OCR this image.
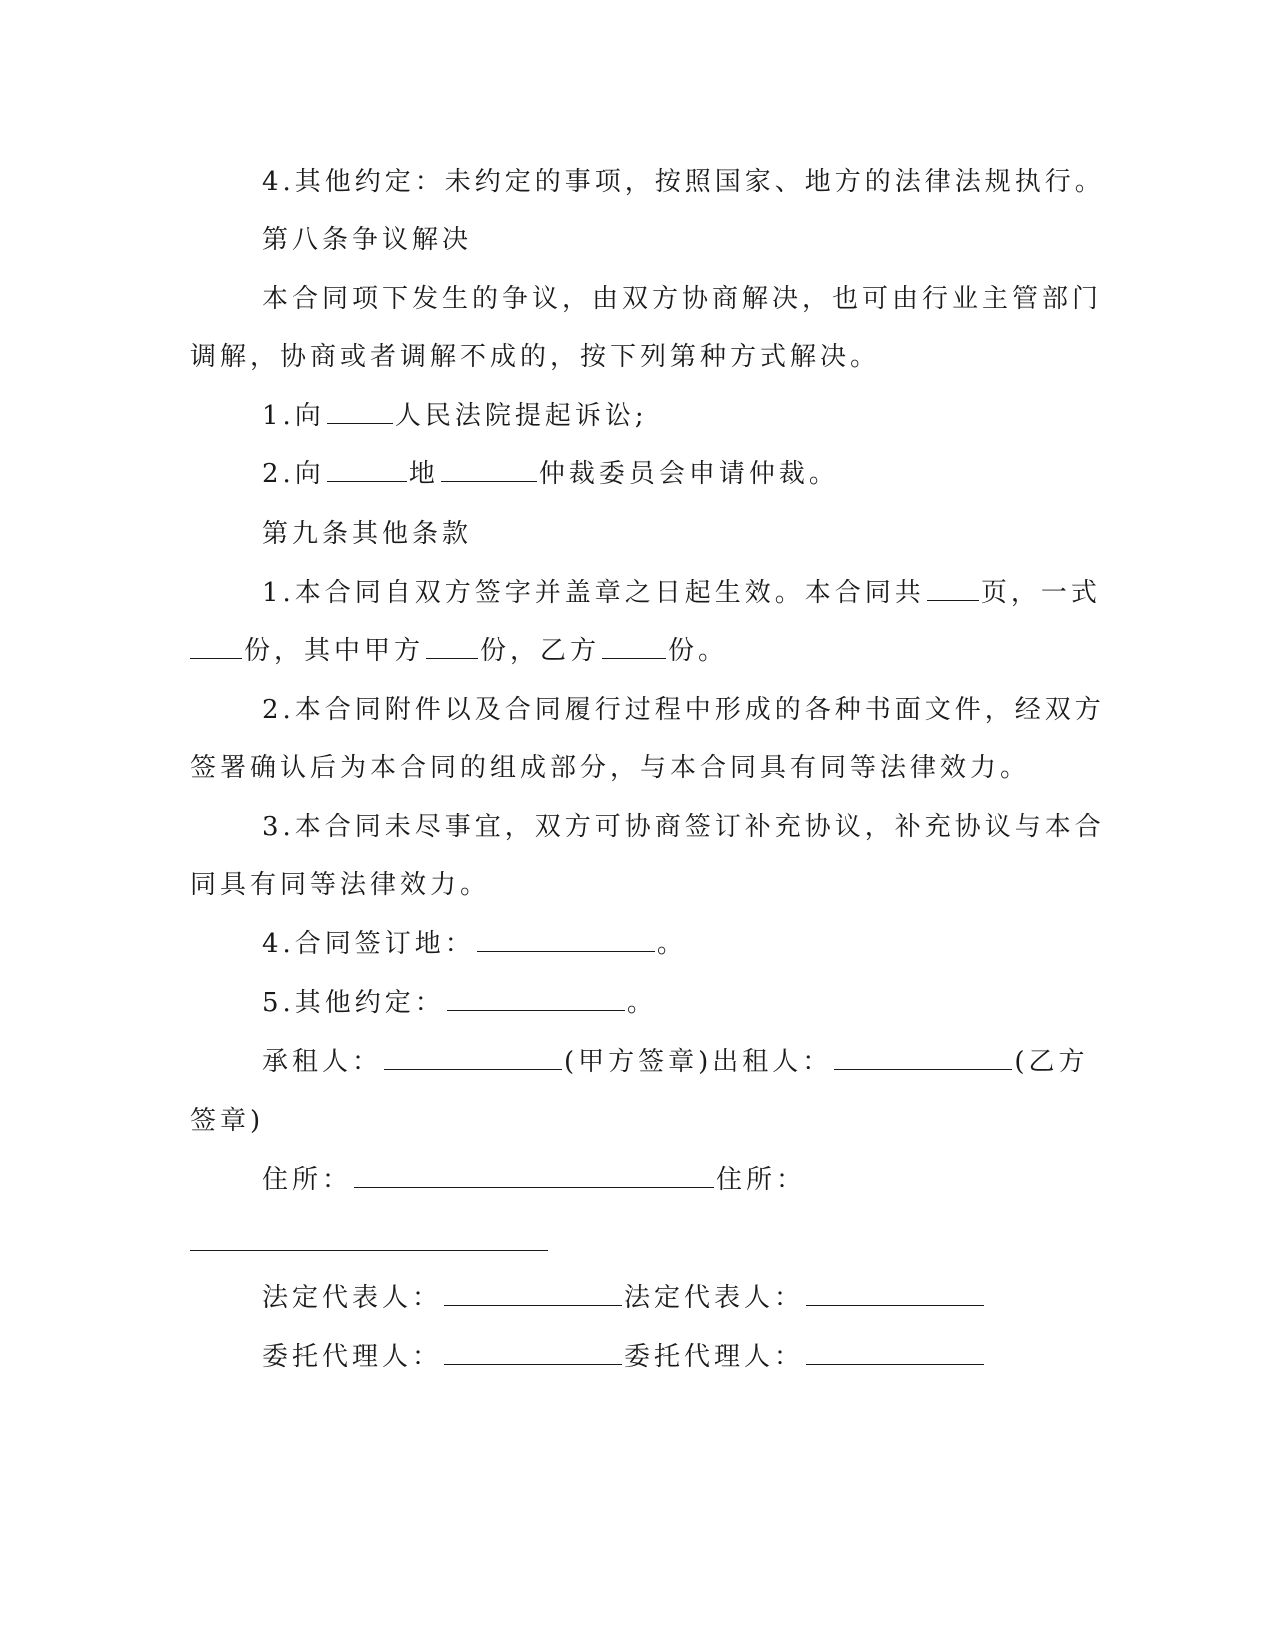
4.其他约定：未约定的事项，按照国家、地方的法律法规执行。
第八条争议解决
本合同项下发生的争议，由双方协商解决，也可由行业主管部门
调解，协商或者调解不成的，按下列第种方式解决。
1.向	人民法院提起诉讼;
2.向	地	仲裁委员会申请仲裁。
第九条其他条款
1.本合同自双方签字并盖章之日起生效。本合同共 页，一式
份，其中甲方 份，乙方	份。
2.本合同附件以及合同履行过程中形成的各种书面文件，经双方
签署确认后为本合同的组成部分，与本合同具有同等法律效力。
3.本合同未尽事宜，双方可协商签订补充协议，补充协议与本合
同具有同等法律效力。
4.合同签订地：	。
5.其他约定：	。
承租人：	(甲方签章)出租人：	(乙方
签章)
住所：	住所：
法定代表人：	法定代表人：
委托代理人：	委托代理人：
